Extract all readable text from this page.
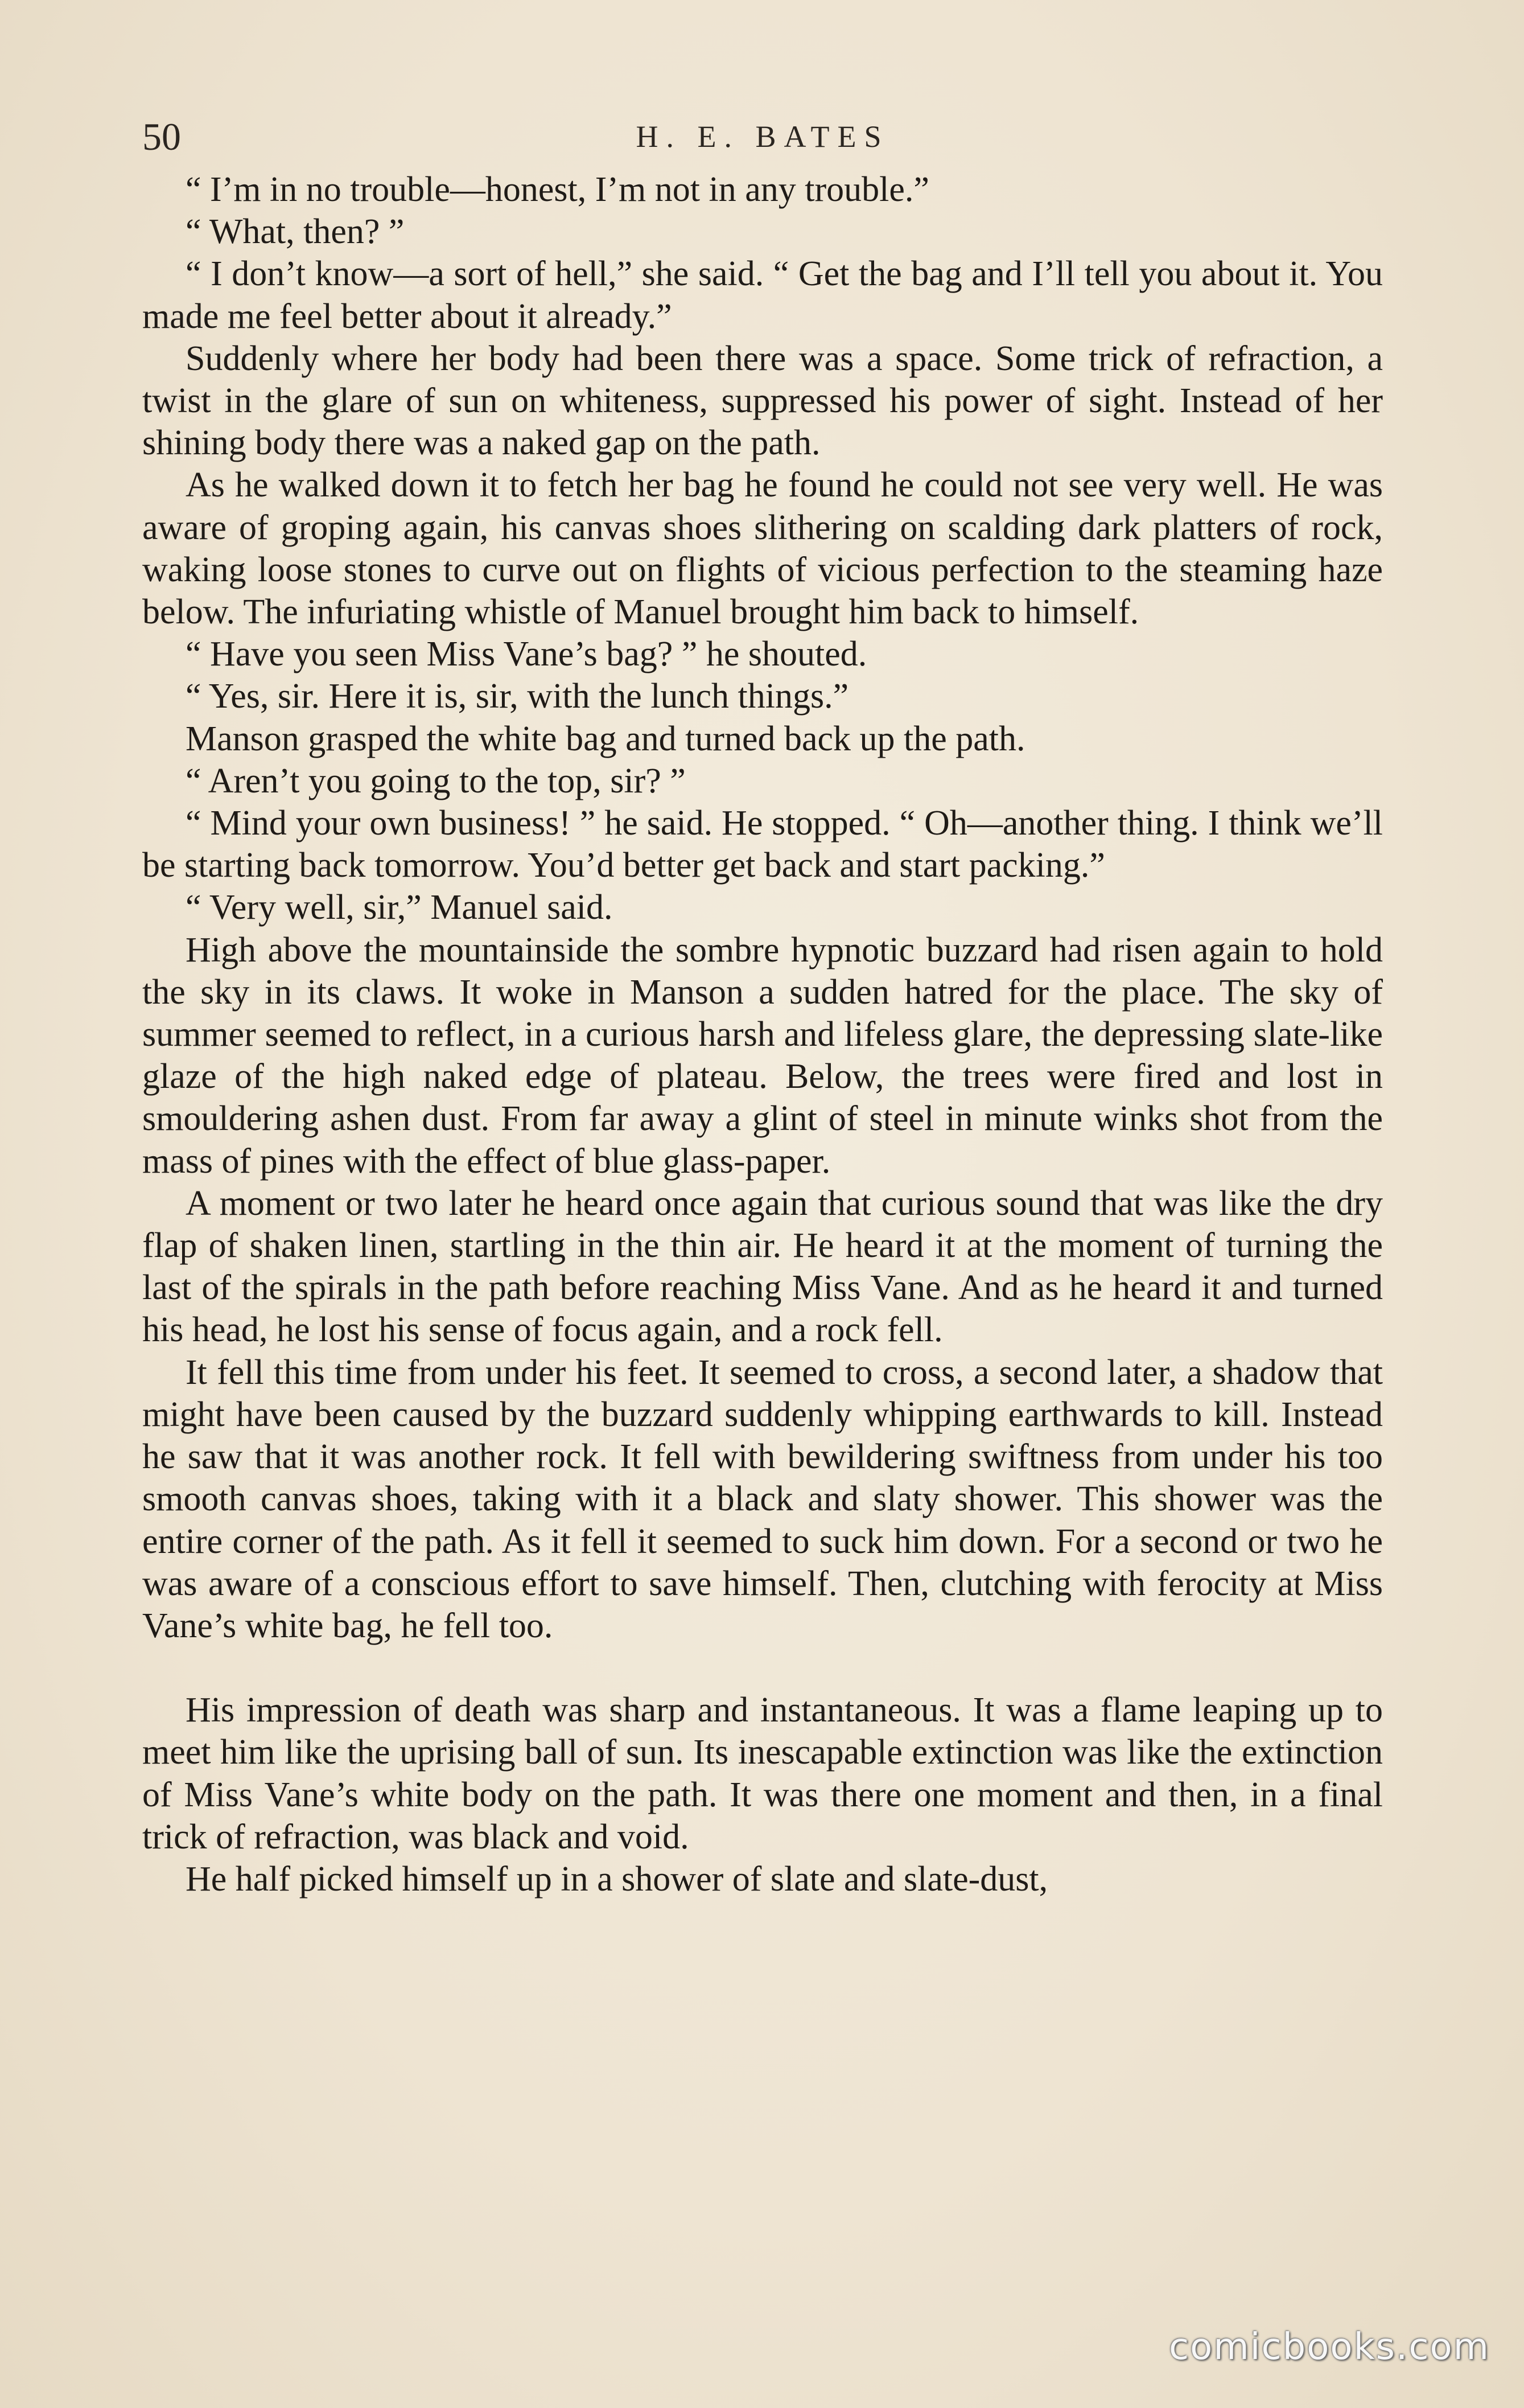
50	H. E. BATES

“ I’m in no trouble—honest, I’m not in any trouble.”

“ What, then? ”

“ I don’t know—a sort of hell,” she said. “ Get the bag and I’ll tell you about it. You made me feel better about it already.”

Suddenly where her body had been there was a space. Some trick of refraction, a twist in the glare of sun on whiteness, suppressed his power of sight. Instead of her shining body there was a naked gap on the path.

As he walked down it to fetch her bag he found he could not see very well. He was aware of groping again, his canvas shoes slithering on scalding dark platters of rock, waking loose stones to curve out on flights of vicious perfection to the steaming haze below. The infuriating whistle of Manuel brought him back to himself.

“ Have you seen Miss Vane’s bag? ” he shouted.

“ Yes, sir. Here it is, sir, with the lunch things.”

Manson grasped the white bag and turned back up the path.

“ Aren’t you going to the top, sir? ”

“ Mind your own business! ” he said. He stopped. “ Oh—another thing. I think we’ll be starting back tomorrow. You’d better get back and start packing.”

“ Very well, sir,” Manuel said.

High above the mountainside the sombre hypnotic buzzard had risen again to hold the sky in its claws. It woke in Manson a sudden hatred for the place. The sky of summer seemed to reflect, in a curious harsh and lifeless glare, the depressing slate-like glaze of the high naked edge of plateau. Below, the trees were fired and lost in smouldering ashen dust. From far away a glint of steel in minute winks shot from the mass of pines with the effect of blue glass-paper.

A moment or two later he heard once again that curious sound that was like the dry flap of shaken linen, startling in the thin air. He heard it at the moment of turning the last of the spirals in the path before reaching Miss Vane. And as he heard it and turned his head, he lost his sense of focus again, and a rock fell.

It fell this time from under his feet. It seemed to cross, a second later, a shadow that might have been caused by the buzzard suddenly whipping earthwards to kill. Instead he saw that it was another rock. It fell with bewildering swiftness from under his too smooth canvas shoes, taking with it a black and slaty shower. This shower was the entire corner of the path. As it fell it seemed to suck him down. For a second or two he was aware of a conscious effort to save himself. Then, clutching with ferocity at Miss Vane’s white bag, he fell too.

His impression of death was sharp and instantaneous. It was a flame leaping up to meet him like the uprising ball of sun. Its inescapable extinction was like the extinction of Miss Vane’s white body on the path. It was there one moment and then, in a final trick of refraction, was black and void.

He half picked himself up in a shower of slate and slate-dust,

comicbooks.com
